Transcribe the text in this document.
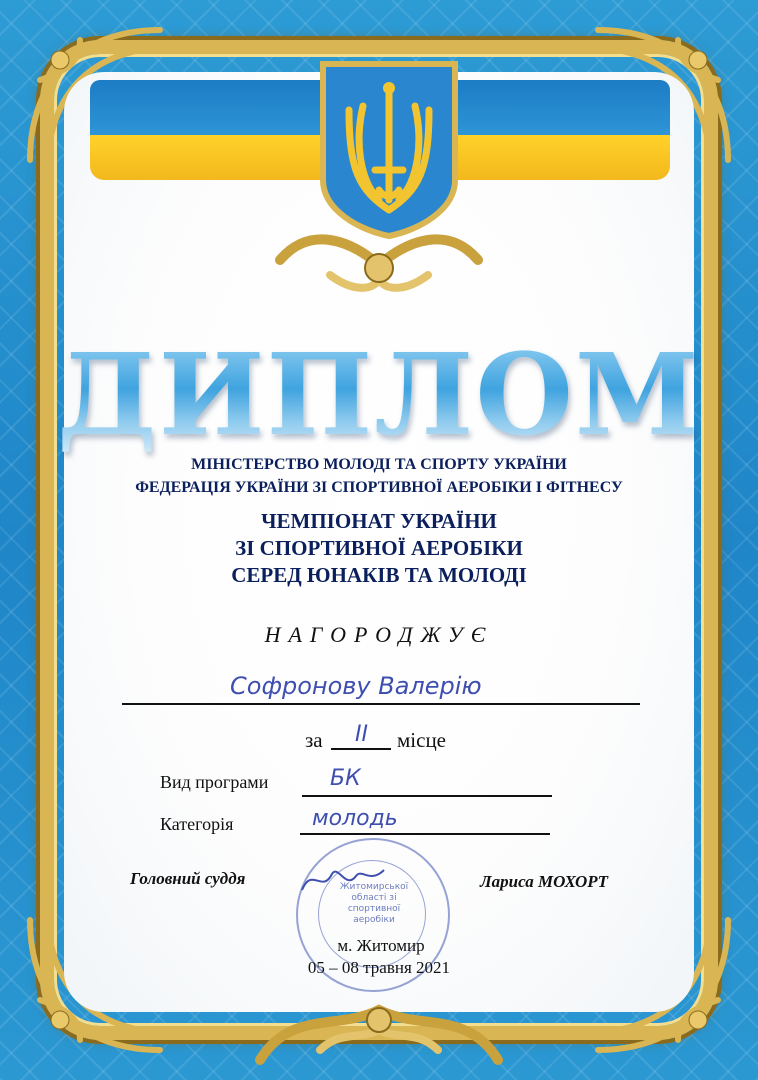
ДИПЛОМ
МІНІСТЕРСТВО МОЛОДІ ТА СПОРТУ УКРАЇНИ
ФЕДЕРАЦІЯ УКРАЇНИ ЗІ СПОРТИВНОЇ АЕРОБІКИ І ФІТНЕСУ
ЧЕМПІОНАТ УКРАЇНИ
ЗІ СПОРТИВНОЇ АЕРОБІКИ
СЕРЕД ЮНАКІВ ТА МОЛОДІ
НАГОРОДЖУЄ
Софронову Валерію
за II місце
Вид програми	БК
Категорія	молодь
Житомирської області зі спортивної аеробіки
Головний суддя	Лариса МОХОРТ
м. Житомир
05 – 08 травня 2021
